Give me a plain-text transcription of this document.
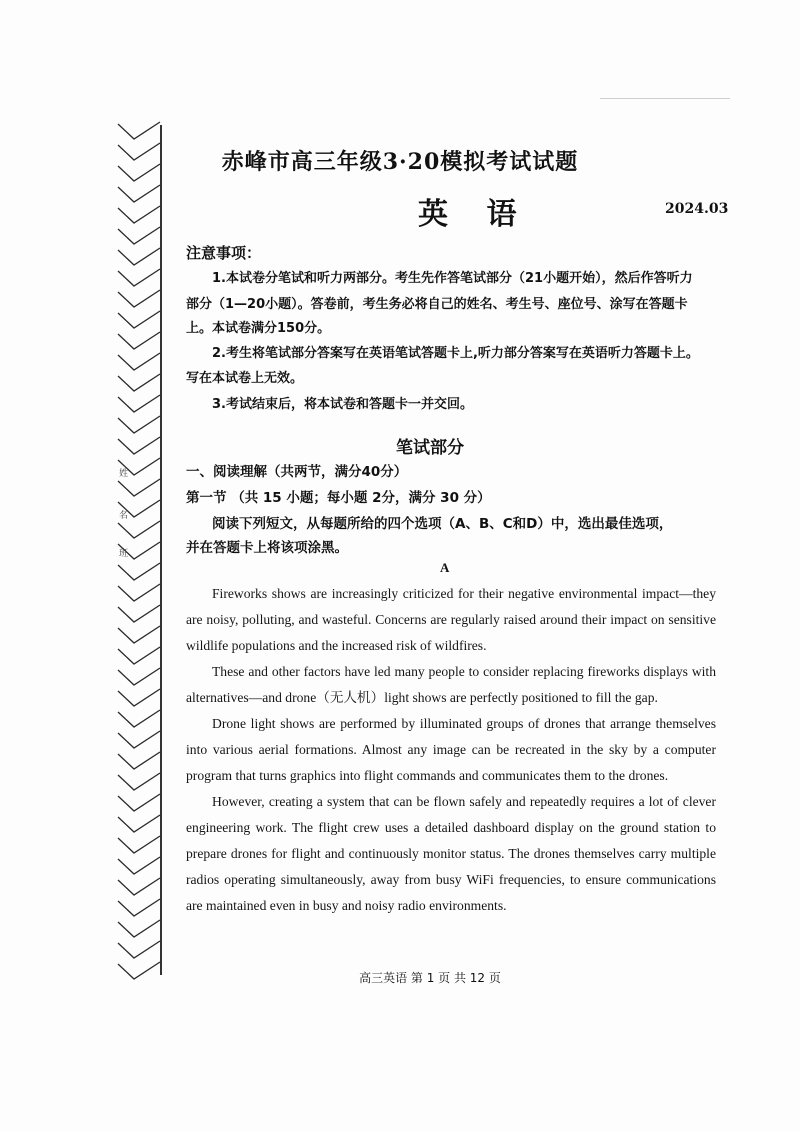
姓
名
班
赤峰市高三年级3·20模拟考试试题
英 语	2024.03
注意事项：
1.本试卷分笔试和听力两部分。考生先作答笔试部分（21小题开始），然后作答听力
部分（1—20小题）。答卷前，考生务必将自己的姓名、考生号、座位号、涂写在答题卡
上。本试卷满分150分。
2.考生将笔试部分答案写在英语笔试答题卡上,听力部分答案写在英语听力答题卡上。
写在本试卷上无效。
3.考试结束后，将本试卷和答题卡一并交回。
笔试部分
一、阅读理解（共两节，满分40分）
第一节 （共 15 小题；每小题 2分，满分 30 分）
阅读下列短文，从每题所给的四个选项（A、B、C和D）中，选出最佳选项，
并在答题卡上将该项涂黑。
A

Fireworks shows are increasingly criticized for their negative environmental impact—they are noisy, polluting, and wasteful. Concerns are regularly raised around their impact on sensitive wildlife populations and the increased risk of wildfires.

These and other factors have led many people to consider replacing fireworks displays with alternatives—and drone（无人机）light shows are perfectly positioned to fill the gap.

Drone light shows are performed by illuminated groups of drones that arrange themselves into various aerial formations. Almost any image can be recreated in the sky by a computer program that turns graphics into flight commands and communicates them to the drones.

However, creating a system that can be flown safely and repeatedly requires a lot of clever engineering work. The flight crew uses a detailed dashboard display on the ground station to prepare drones for flight and continuously monitor status. The drones themselves carry multiple radios operating simultaneously, away from busy WiFi frequencies, to ensure communications are maintained even in busy and noisy radio environments.

高三英语 第 1 页 共 12 页
